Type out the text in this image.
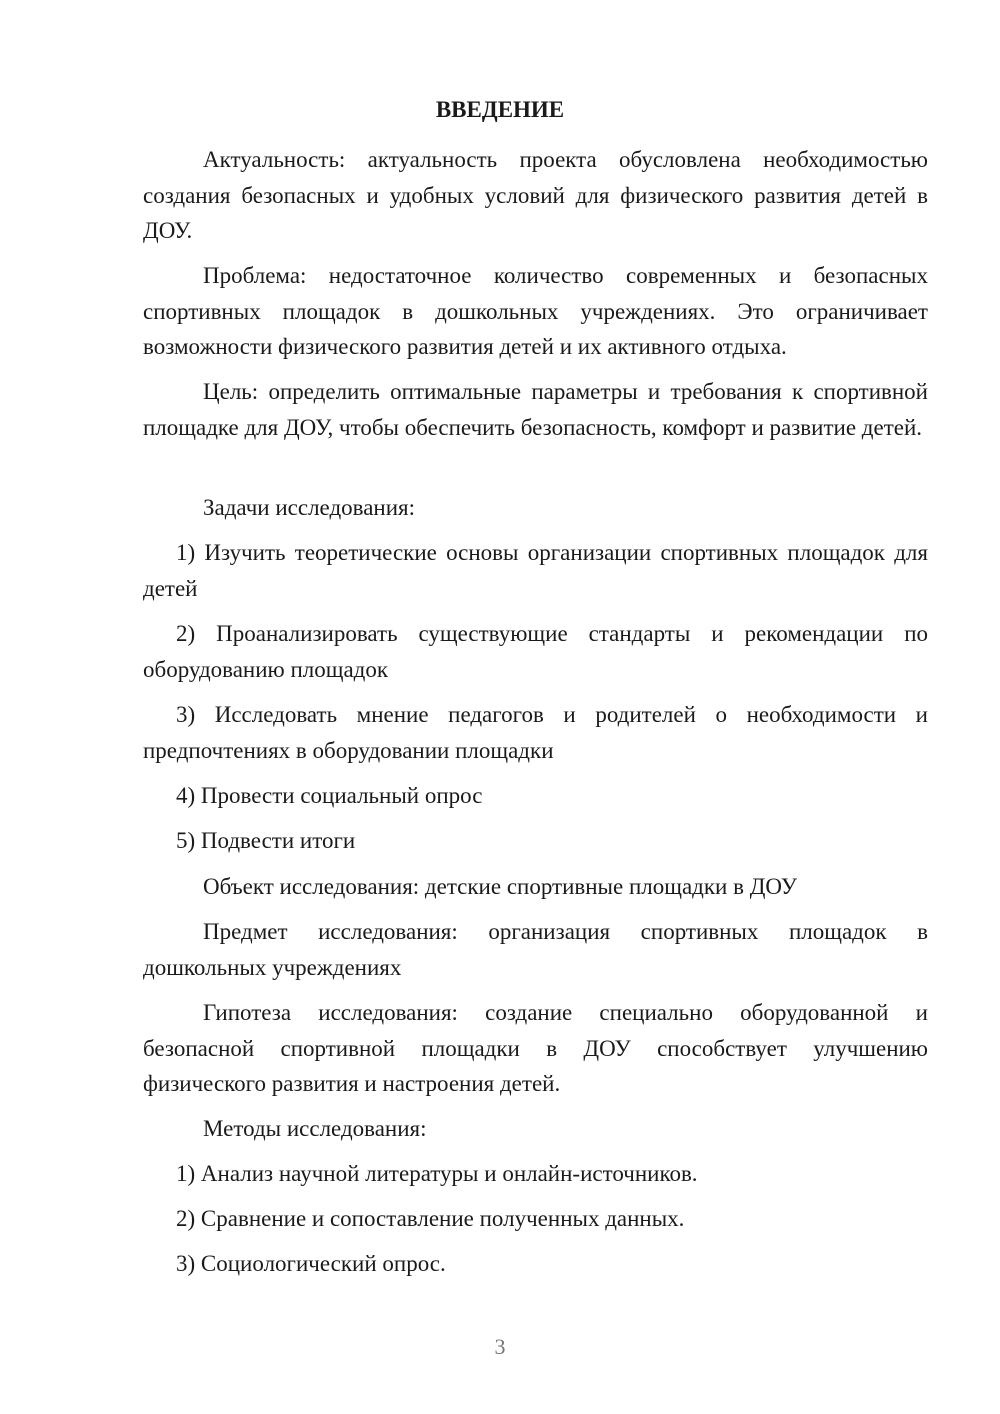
ВВЕДЕНИЕ

Актуальность: актуальность проекта обусловлена необходимостью создания безопасных и удобных условий для физического развития детей в ДОУ.

Проблема: недостаточное количество современных и безопасных спортивных площадок в дошкольных учреждениях. Это ограничивает возможности физического развития детей и их активного отдыха.

Цель: определить оптимальные параметры и требования к спортивной площадке для ДОУ, чтобы обеспечить безопасность, комфорт и развитие детей.

Задачи исследования:

1) Изучить теоретические основы организации спортивных площадок для детей

2) Проанализировать существующие стандарты и рекомендации по оборудованию площадок

3) Исследовать мнение педагогов и родителей о необходимости и предпочтениях в оборудовании площадки

4) Провести социальный опрос

5) Подвести итоги

Объект исследования: детские спортивные площадки в ДОУ

Предмет исследования: организация спортивных площадок в дошкольных учреждениях

Гипотеза исследования: создание специально оборудованной и безопасной спортивной площадки в ДОУ способствует улучшению физического развития и настроения детей.

Методы исследования:

1) Анализ научной литературы и онлайн-источников.

2) Сравнение и сопоставление полученных данных.

3) Социологический опрос.

3
